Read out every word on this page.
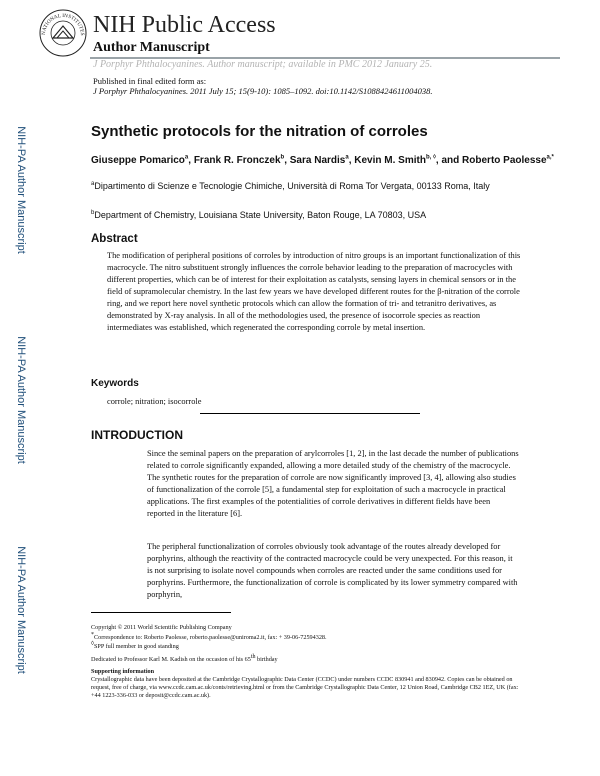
NATIONAL INSTITUTES NIH Public Access
Author Manuscript
J Porphyr Phthalocyanines. Author manuscript; available in PMC 2012 January 25.
Published in final edited form as:
J Porphyr Phthalocyanines. 2011 July 15; 15(9-10): 1085–1092. doi:10.1142/S1088424611004038.
NIH-PA Author Manuscript
NIH-PA Author Manuscript
NIH-PA Author Manuscript
Synthetic protocols for the nitration of corroles
Giuseppe Pomarico$^a$, Frank R. Fronczek$^b$, Sara Nardis$^a$, Kevin M. Smith$^{b, ◊}$, and Roberto Paolesse$^{a,*}$
$^a$Dipartimento di Scienze e Tecnologie Chimiche, Università di Roma Tor Vergata, 00133 Roma, Italy
$^b$Department of Chemistry, Louisiana State University, Baton Rouge, LA 70803, USA
Abstract
The modification of peripheral positions of corroles by introduction of nitro groups is an important functionalization of this macrocycle. The nitro substituent strongly influences the corrole behavior leading to the preparation of macrocycles with different properties, which can be of interest for their exploitation as catalysts, sensing layers in chemical sensors or in the field of supramolecular chemistry. In the last few years we have developed different routes for the β-nitration of the corrole ring, and we report here novel synthetic protocols which can allow the formation of tri- and tetranitro derivatives, as demonstrated by X-ray analysis. In all of the methodologies used, the presence of isocorrole species as reaction intermediates was established, which regenerated the corresponding corrole by metal insertion.
Keywords
corrole; nitration; isocorrole
INTRODUCTION
Since the seminal papers on the preparation of arylcorroles [1, 2], in the last decade the number of publications related to corrole significantly expanded, allowing a more detailed study of the chemistry of the macrocycle. The synthetic routes for the preparation of corrole are now significantly improved [3, 4], allowing also studies of functionalization of the corrole [5], a fundamental step for exploitation of such a macrocycle in practical applications. The first examples of the potentialities of corrole derivatives in different fields have been reported in the literature [6].
The peripheral functionalization of corroles obviously took advantage of the routes already developed for porphyrins, although the reactivity of the contracted macrocycle could be very unexpected. For this reason, it is not surprising to isolate novel compounds when corroles are reacted under the same conditions used for porphyrins. Furthermore, the functionalization of corrole is complicated by its lower symmetry compared with porphyrin,
Copyright © 2011 World Scientific Publishing Company
*Correspondence to: Roberto Paolesse, roberto.paolesse@uniroma2.it, fax: + 39-06-72594328.
◊SPP full member in good standing
Dedicated to Professor Karl M. Kadish on the occasion of his 65th birthday
Supporting information
Crystallographic data have been deposited at the Cambridge Crystallographic Data Center (CCDC) under numbers CCDC 830941 and 830942. Copies can be obtained on request, free of charge, via www.ccdc.cam.ac.uk/conts/retrieving.html or from the Cambridge Crystallographic Data Center, 12 Union Road, Cambridge CB2 1EZ, UK (fax: +44 1223-336-033 or deposit@ccdc.cam.ac.uk).
